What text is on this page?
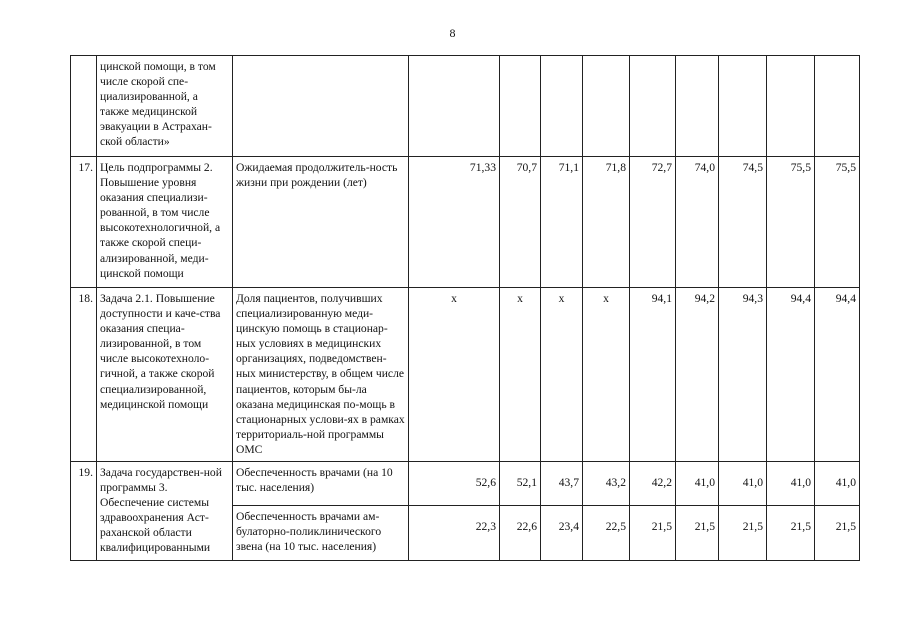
8
	цинской помощи, в том числе скорой спе-циализированной, а также медицинской эвакуации в Астрахан-ской области»										
17.	Цель подпрограммы 2. Повышение уровня оказания специализи-рованной, в том числе высокотехнологичной, а также скорой специ-ализированной, меди-цинской помощи	Ожидаемая продолжитель-ность жизни при рождении (лет)	71,33	70,7	71,1	71,8	72,7	74,0	74,5	75,5	75,5
18.	Задача 2.1. Повышение доступности и каче-ства оказания специа-лизированной, в том числе высокотехноло-гичной, а также скорой специализированной, медицинской помощи	Доля пациентов, получивших специализированную меди-цинскую помощь в стационар-ных условиях в медицинских организациях, подведомствен-ных министерству, в общем числе пациентов, которым бы-ла оказана медицинская по-мощь в стационарных услови-ях в рамках территориаль-ной программы ОМС	x	x	x	x	94,1	94,2	94,3	94,4	94,4
19.	Задача государствен-ной программы 3. Обеспечение системы здравоохранения Аст-раханской области квалифицированными	Обеспеченность врачами (на 10 тыс. населения)	52,6	52,1	43,7	43,2	42,2	41,0	41,0	41,0	41,0
		Обеспеченность врачами ам-булаторно-поликлинического звена (на 10 тыс. населения)	22,3	22,6	23,4	22,5	21,5	21,5	21,5	21,5	21,5
